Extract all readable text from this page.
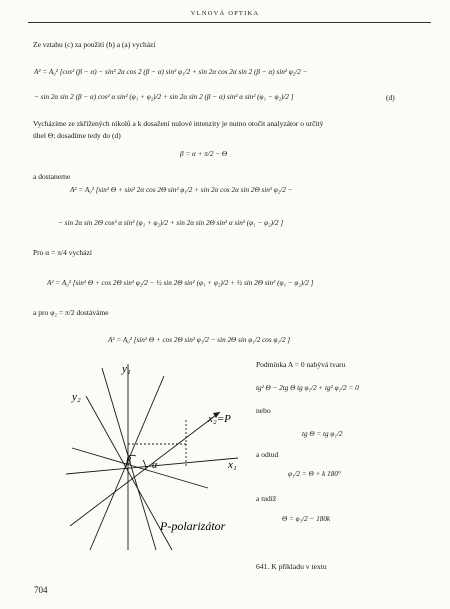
VLNOVÁ OPTIKA
Ze vztahu (c) za použití (b) a (a) vychází
A² = A₀² [cos² (β − α) − sin² 2α cos 2 (β − α) sin² φ₁/2 + sin 2α cos 2α sin 2 (β − α) sin² φ₂/2 −
− sin 2α sin 2 (β − α) cos² α sin² (φ₁ + φ₂)/2 + sin 2α sin 2 (β − α) sin² α sin² (φ₁ − φ₂)/2 ]	(d)
Vycházíme ze zkřížených nikolů a k dosažení nulové intenzity je nutno otočit analyzátor o určitý
úhel Θ; dosadíme tedy do (d)
β = α + π/2 − Θ
a dostaneme
A² = A₀² [sin² Θ + sin² 2α cos 2Θ sin² φ₁/2 + sin 2α cos 2α sin 2Θ sin² φ₂/2 −
− sin 2α sin 2Θ cos² α sin² (φ₁ + φ₂)/2 + sin 2α sin 2Θ sin² α sin² (φ₁ − φ₂)/2 ]
Pro α = π/4 vychází
A² = A₀² [sin² Θ + cos 2Θ sin² φ₂/2 − ½ sin 2Θ sin² (φ₁ + φ₂)/2 + ½ sin 2Θ sin² (φ₁ − φ₂)/2 ]
a pro φ₂ = π/2 dostáváme
A² = A₀² [sin² Θ + cos 2Θ sin² φ₁/2 − sin 2Θ sin φ₁/2 cos φ₁/2 ]
Podmínka A = 0 nabývá tvaru
tg² Θ − 2tg Θ tg φ₁/2 + tg² φ₁/2 = 0
nebo
tg Θ = tg φ₁/2
a odtud
φ₁/2 = Θ + k 180°
a tudíž
Θ = φ₁/2 − 180k
y₁
y₂
x₂=P
x₁
β α
P-polarizátor
641. K příkladu v textu
704
